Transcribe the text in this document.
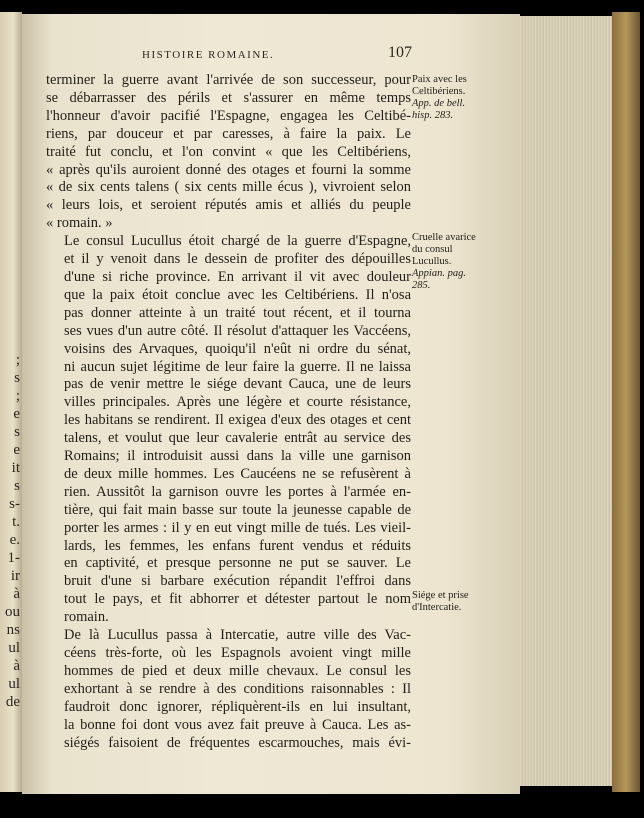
;
s
;
e
s
e
it
s
s-
t.
e.
1-
ir
à
ou
ns
ul
à
ul
de
HISTOIRE ROMAINE.	107

terminer la guerre avant l'arrivée de son successeur, pour
se débarrasser des périls et s'assurer en même temps
l'honneur d'avoir pacifié l'Espagne, engagea les Celtibé-
riens, par douceur et par caresses, à faire la paix. Le
traité fut conclu, et l'on convint « que les Celtibériens,
« après qu'ils auroient donné des otages et fourni la somme
« de six cents talens ( six cents mille écus ), vivroient selon
« leurs lois, et seroient réputés amis et alliés du peuple
« romain. »

Le consul Lucullus étoit chargé de la guerre d'Espagne,
et il y venoit dans le dessein de profiter des dépouilles
d'une si riche province. En arrivant il vit avec douleur
que la paix étoit conclue avec les Celtibériens. Il n'osa
pas donner atteinte à un traité tout récent, et il tourna
ses vues d'un autre côté. Il résolut d'attaquer les Vaccéens,
voisins des Arvaques, quoiqu'il n'eût ni ordre du sénat,
ni aucun sujet légitime de leur faire la guerre. Il ne laissa
pas de venir mettre le siége devant Cauca, une de leurs
villes principales. Après une légère et courte résistance,
les habitans se rendirent. Il exigea d'eux des otages et cent
talens, et voulut que leur cavalerie entrât au service des
Romains; il introduisit aussi dans la ville une garnison
de deux mille hommes. Les Caucéens ne se refusèrent à
rien. Aussitôt la garnison ouvre les portes à l'armée en-
tière, qui fait main basse sur toute la jeunesse capable de
porter les armes : il y en eut vingt mille de tués. Les vieil-
lards, les femmes, les enfans furent vendus et réduits
en captivité, et presque personne ne put se sauver. Le
bruit d'une si barbare exécution répandit l'effroi dans
tout le pays, et fit abhorrer et détester partout le nom
romain.

De là Lucullus passa à Intercatie, autre ville des Vac-
céens très-forte, où les Espagnols avoient vingt mille
hommes de pied et deux mille chevaux. Le consul les
exhortant à se rendre à des conditions raisonnables : Il
faudroit donc ignorer, répliquèrent-ils en lui insultant,
la bonne foi dont vous avez fait preuve à Cauca. Les as-
siégés faisoient de fréquentes escarmouches, mais évi-

Paix avec les Celtibériens. App. de bell. hisp. 283.
Cruelle avarice du consul Lucullus. Appian. pag. 285.
Siége et prise d'Intercatie.
